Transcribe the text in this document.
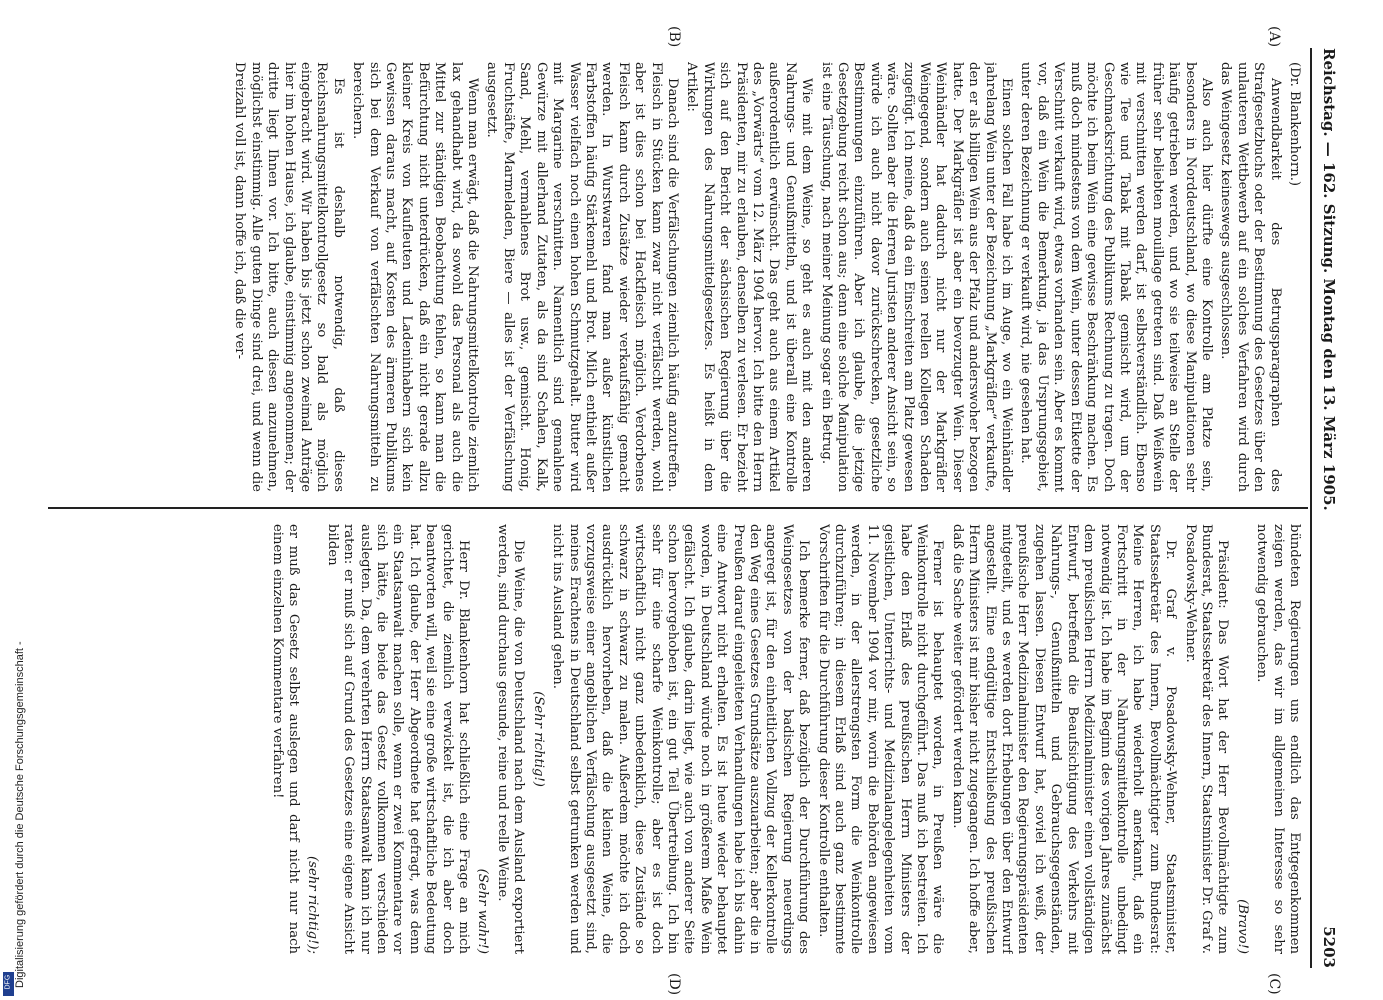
Reichstag. — 162. Sitzung. Montag den 13. März 1905.
5203

(Dr. Blankenhorn.)

Anwendbarkeit des Betrugsparagraphen des Strafgesetzbuchs oder der Bestimmung des Gesetzes über den unlauteren Wettbewerb auf ein solches Verfahren wird durch das Weingesetz keineswegs ausgeschlossen.

Also auch hier dürfte eine Kontrolle am Platze sein, besonders in Norddeutschland, wo diese Manipulationen sehr häufig getrieben werden, und wo sie teilweise an Stelle der früher sehr beliebten mouillage getreten sind. Daß Weißwein mit verschnitten werden darf, ist selbstverständlich. Ebenso wie Tee und Tabak mit Tabak gemischt wird, um der Geschmacksrichtung des Publikums Rechnung zu tragen. Doch möchte ich beim Wein eine gewisse Beschränkung machen. Es muß doch mindestens von dem Wein, unter dessen Etikette der Verschnitt verkauft wird, etwas vorhanden sein. Aber es kommt vor, daß ein Wein die Bemerkung, ja das Ursprungsgebiet, unter deren Bezeichnung er verkauft wird, nie gesehen hat.

Einen solchen Fall habe ich im Auge, wo ein Weinhändler jahrelang Wein unter der Bezeichnung „Markgräfler“ verkaufte, den er als billigen Wein aus der Pfalz und anderswoher bezogen hatte. Der Markgräfler ist aber ein bevorzugter Wein. Dieser Weinhändler hat dadurch nicht nur der Markgräfler Weingegend, sondern auch seinen reellen Kollegen Schaden zugefügt. Ich meine, daß da ein Einschreiten am Platz gewesen wäre. Sollten aber die Herren Juristen anderer Ansicht sein, so würde ich auch nicht davor zurückschrecken, gesetzliche Bestimmungen einzuführen. Aber ich glaube, die jetzige Gesetzgebung reicht schon aus; denn eine solche Manipulation ist eine Täuschung, nach meiner Meinung sogar ein Betrug.

Wie mit dem Weine, so geht es auch mit den anderen Nahrungs- und Genußmitteln, und ist überall eine Kontrolle außerordentlich erwünscht. Das geht auch aus einem Artikel des „Vorwärts“ vom 12. März 1904 hervor. Ich bitte den Herrn Präsidenten, mir zu erlauben, denselben zu verlesen. Er bezieht sich auf den Bericht der sächsischen Regierung über die Wirkungen des Nahrungsmittelgesetzes. Es heißt in dem Artikel:

Danach sind die Verfälschungen ziemlich häufig anzutreffen. Fleisch in Stücken kann zwar nicht verfälscht werden, wohl aber ist dies schon bei Hackfleisch möglich. Verdorbenes Fleisch kann durch Zusätze wieder verkaufsfähig gemacht werden. In Wurstwaren fand man außer künstlichen Farbstoffen häufig Stärkemehl und Brot. Milch enthielt außer Wasser vielfach noch einen hohen Schmutzgehalt. Butter wird mit Margarine verschnitten. Namentlich sind gemahlene Gewürze mit allerhand Zutaten, als da sind Schalen, Kalk, Sand, Mehl, vermahlenes Brot usw., gemischt. Honig, Fruchtsäfte, Marmeladen, Biere — alles ist der Verfälschung ausgesetzt.

Wenn man erwägt, daß die Nahrungsmittelkontrolle ziemlich lax gehandhabt wird, da sowohl das Personal als auch die Mittel zur ständigen Beobachtung fehlen, so kann man die Befürchtung nicht unterdrücken, daß ein nicht gerade allzu kleiner Kreis von Kaufleuten und Ladeninhabern sich kein Gewissen daraus macht, auf Kosten des ärmeren Publikums sich bei dem Verkauf von verfälschten Nahrungsmitteln zu bereichern.

Es ist deshalb notwendig, daß dieses Reichsnahrungsmittelkontrollgesetz so bald als möglich eingebracht wird. Wir haben bis jetzt schon zweimal Anträge hier im hohen Hause, ich glaube, einstimmig angenommen; der dritte liegt Ihnen vor. Ich bitte, auch diesen anzunehmen, möglichst einstimmig. Alle guten Dinge sind drei, und wenn die Dreizahl voll ist, dann hoffe ich, daß die ver-

bündeten Regierungen uns endlich das Entgegenkommen zeigen werden, das wir im allgemeinen Interesse so sehr notwendig gebrauchen.

(Bravo!)

Präsident: Das Wort hat der Herr Bevollmächtigte zum Bundesrat, Staatssekretär des Innern, Staatsminister Dr. Graf v. Posadowsky-Wehner.

Dr. Graf v. Posadowsky-Wehner, Staatsminister, Staatssekretär des Innern, Bevollmächtigter zum Bundesrat: Meine Herren, ich habe wiederholt anerkannt, daß ein Fortschritt in der Nahrungsmittelkontrolle unbedingt notwendig ist. Ich habe im Beginn des vorigen Jahres zunächst dem preußischen Herrn Medizinalminister einen vollständigen Entwurf, betreffend die Beaufsichtigung des Verkehrs mit Nahrungs-, Genußmitteln und Gebrauchsgegenständen, zugehen lassen. Diesen Entwurf hat, soviel ich weiß, der preußische Herr Medizinalminister den Regierungspräsidenten mitgeteilt, und es werden dort Erhebungen über den Entwurf angestellt. Eine endgültige Entschließung des preußischen Herrn Ministers ist mir bisher nicht zugegangen. Ich hoffe aber, daß die Sache weiter gefördert werden kann.

Ferner ist behauptet worden, in Preußen wäre die Weinkontrolle nicht durchgeführt. Das muß ich bestreiten. Ich habe den Erlaß des preußischen Herrn Ministers der geistlichen, Unterrichts- und Medizinalangelegenheiten vom 11. November 1904 vor mir, worin die Behörden angewiesen werden, in der allerstrengsten Form die Weinkontrolle durchzuführen; in diesem Erlaß sind auch ganz bestimmte Vorschriften für die Durchführung dieser Kontrolle enthalten.

Ich bemerke ferner, daß bezüglich der Durchführung des Weingesetzes von der badischen Regierung neuerdings angeregt ist, für den einheitlichen Vollzug der Kellerkontrolle den Weg eines Gesetzes Grundsätze auszuarbeiten; aber die in Preußen darauf eingeleiteten Verhandlungen habe ich bis dahin eine Antwort nicht erhalten. Es ist heute wieder behauptet worden, in Deutschland würde noch in größerem Maße Wein gefälscht. Ich glaube, darin liegt, wie auch von anderer Seite schon hervorgehoben ist, ein gut Teil Übertreibung. Ich bin sehr für eine scharfe Weinkontrolle; aber es ist doch wirtschaftlich nicht ganz unbedenklich, diese Zustände so schwarz in schwarz zu malen. Außerdem möchte ich doch ausdrücklich hervorheben, daß die kleinen Weine, die vorzugsweise einer angeblichen Verfälschung ausgesetzt sind, meines Erachtens in Deutschland selbst getrunken werden und nicht ins Ausland gehen.

(Sehr richtig!)

Die Weine, die von Deutschland nach dem Ausland exportiert werden, sind durchaus gesunde, reine und reelle Weine.

(Sehr wahr!)

Herr Dr. Blankenhorn hat schließlich eine Frage an mich gerichtet, die ziemlich verwickelt ist, die ich aber doch beantworten will, weil sie eine große wirtschaftliche Bedeutung hat. Ich glaube, der Herr Abgeordnete hat gefragt, was denn ein Staatsanwalt machen solle, wenn er zwei Kommentare vor sich hätte, die beide das Gesetz vollkommen verschieden auslegten. Da, dem verehrten Herrn Staatsanwalt kann ich nur raten: er muß sich auf Grund des Gesetzes eine eigene Ansicht bilden

(sehr richtig!);

er muß das Gesetz selbst auslegen und darf nicht nur nach einem einzelnen Kommentare verfahren!

(A)
(B)
(C)
(D)
Digitalisierung gefördert durch die Deutsche Forschungsgemeinschaft -
DFG
